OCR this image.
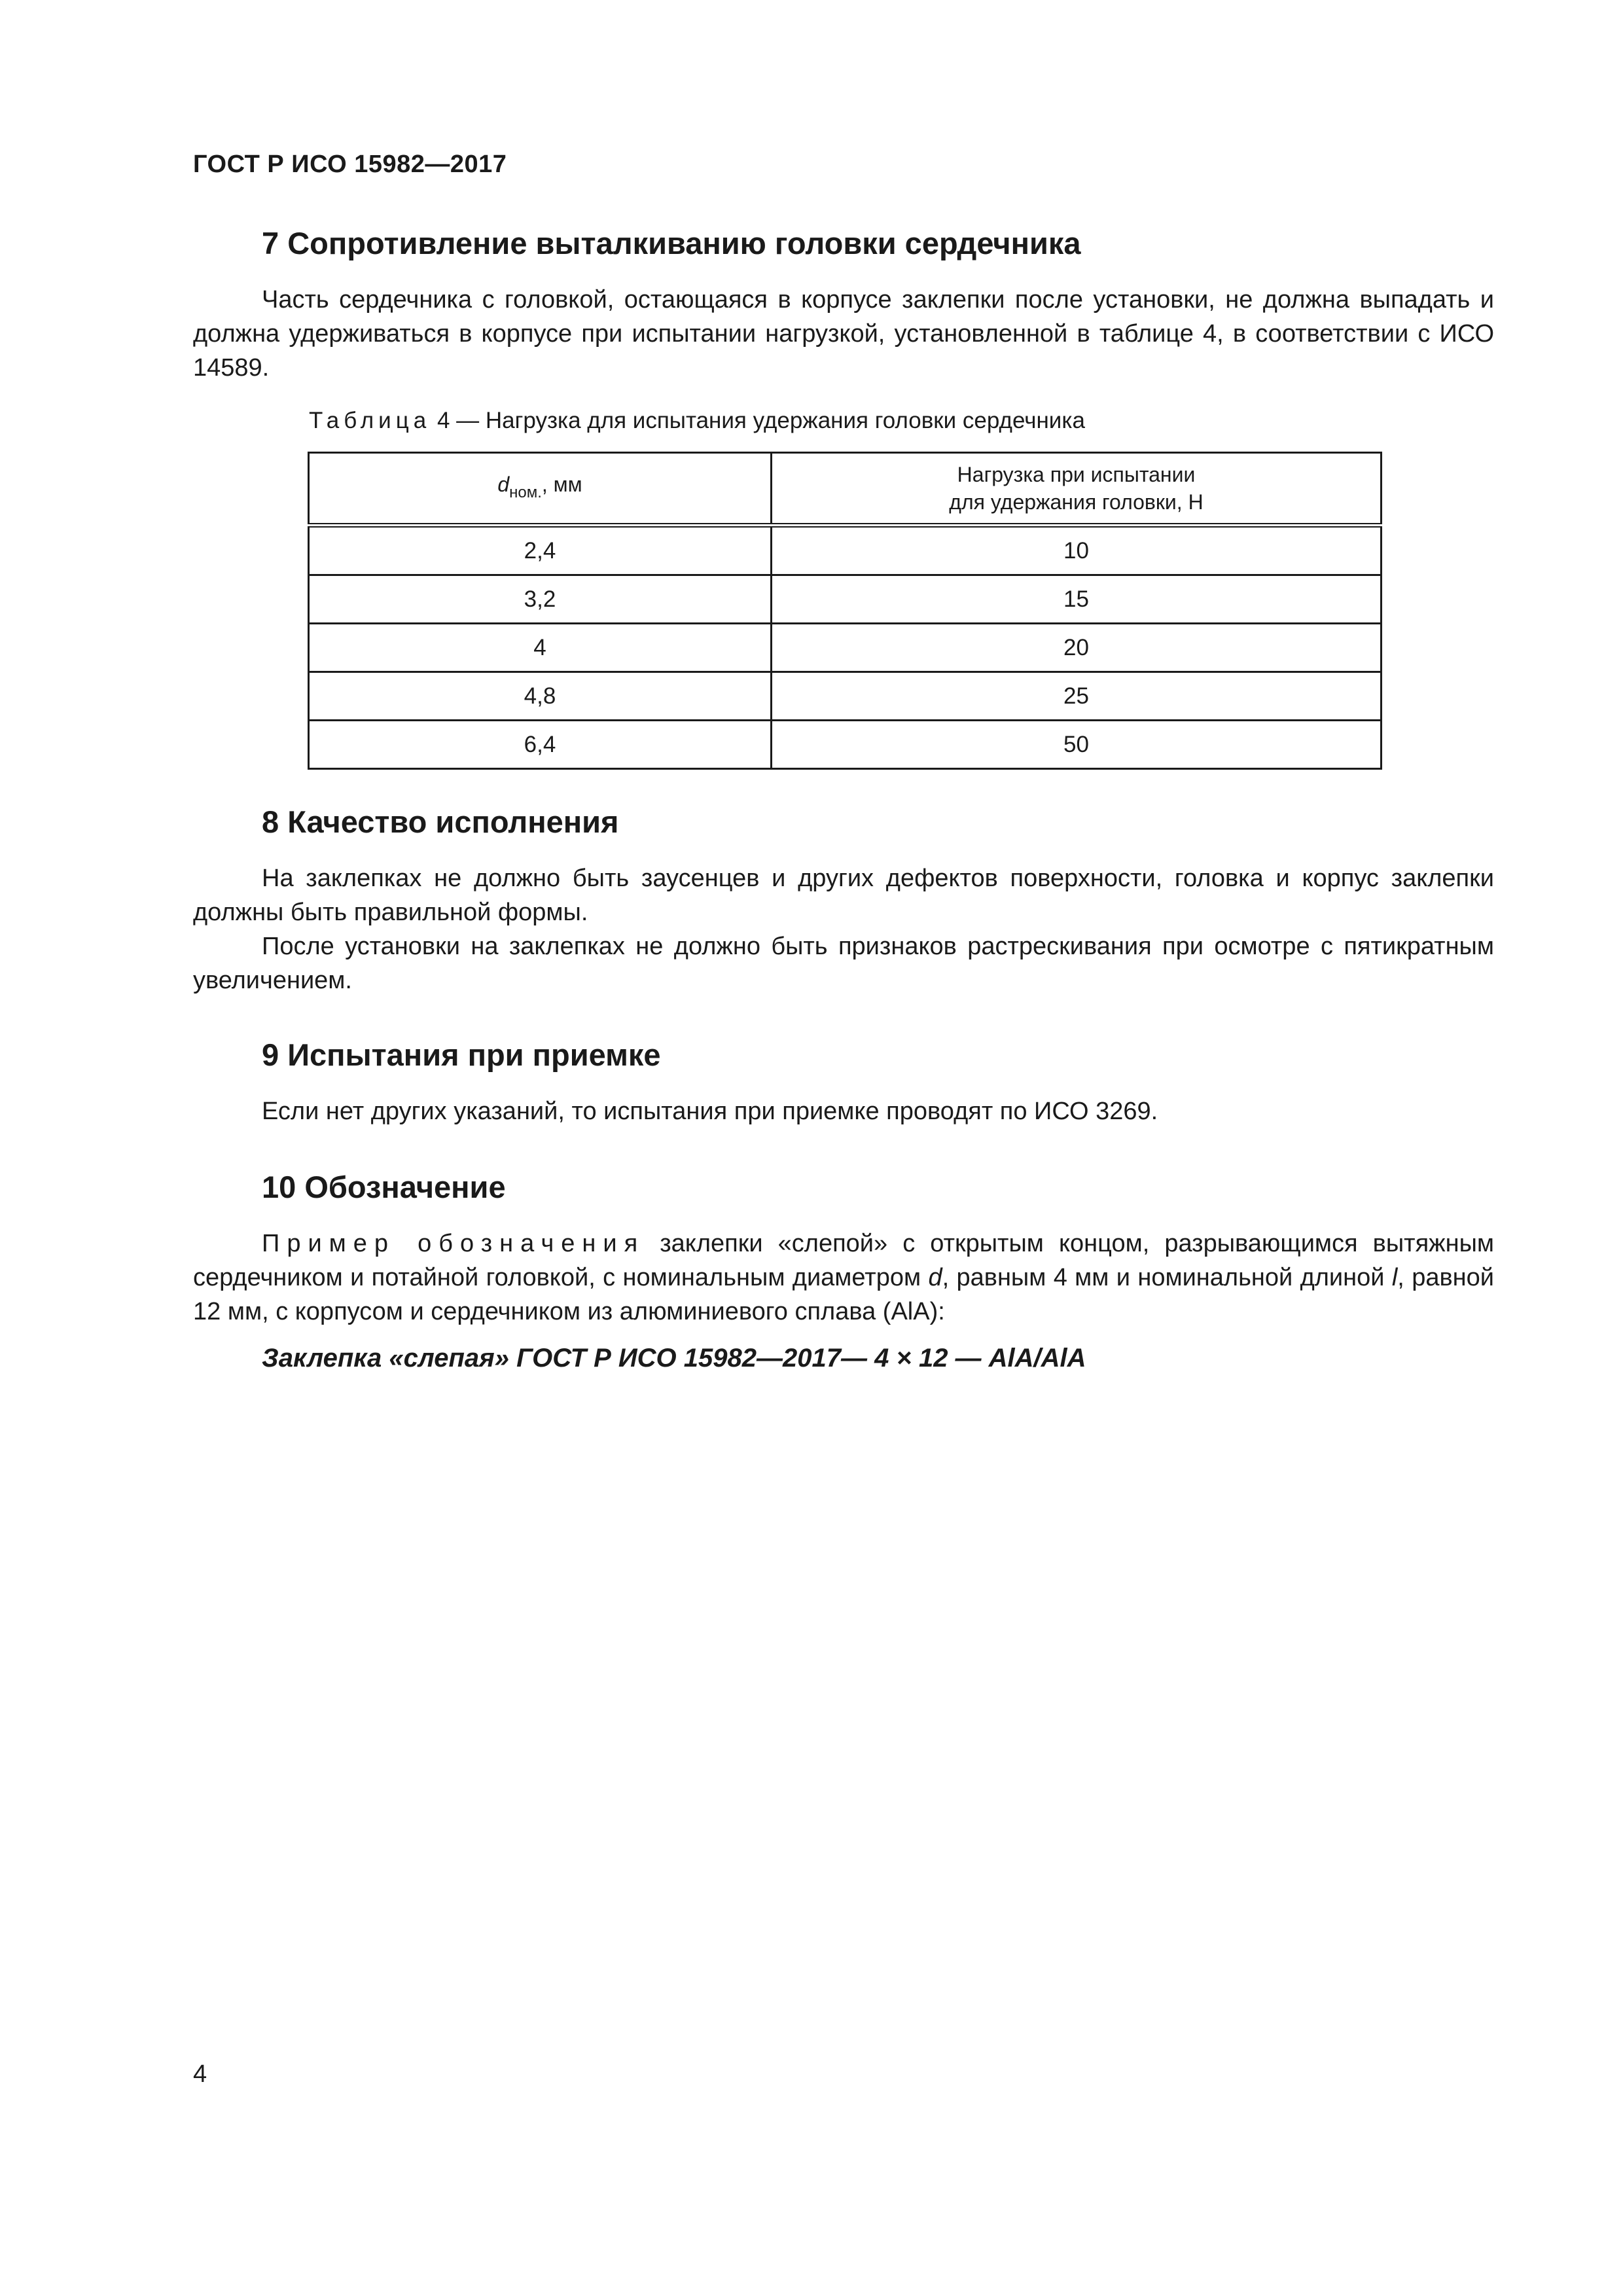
ГОСТ Р ИСО 15982—2017
7 Сопротивление выталкиванию головки сердечника
Часть сердечника с головкой, остающаяся в корпусе заклепки после установки, не должна выпадать и должна удерживаться в корпусе при испытании нагрузкой, установленной в таблице 4, в соответствии с ИСО 14589.
Таблица 4 — Нагрузка для испытания удержания головки сердечника
$d_{ном.}$, мм	Нагрузка при испытании
для удержания головки, Н

2,4	10
3,2	15
4	20
4,8	25
6,4	50
8 Качество исполнения
На заклепках не должно быть заусенцев и других дефектов поверхности, головка и корпус заклепки должны быть правильной формы.
После установки на заклепках не должно быть признаков растрескивания при осмотре с пятикратным увеличением.
9 Испытания при приемке
Если нет других указаний, то испытания при приемке проводят по ИСО 3269.
10 Обозначение
Пример обозначения заклепки «слепой» с открытым концом, разрывающимся вытяжным сердечником и потайной головкой, с номинальным диаметром d, равным 4 мм и номинальной длиной l, равной 12 мм, с корпусом и сердечником из алюминиевого сплава (AlA):
Заклепка «слепая» ГОСТ Р ИСО 15982—2017— 4 × 12 — AlA/AlA
4
